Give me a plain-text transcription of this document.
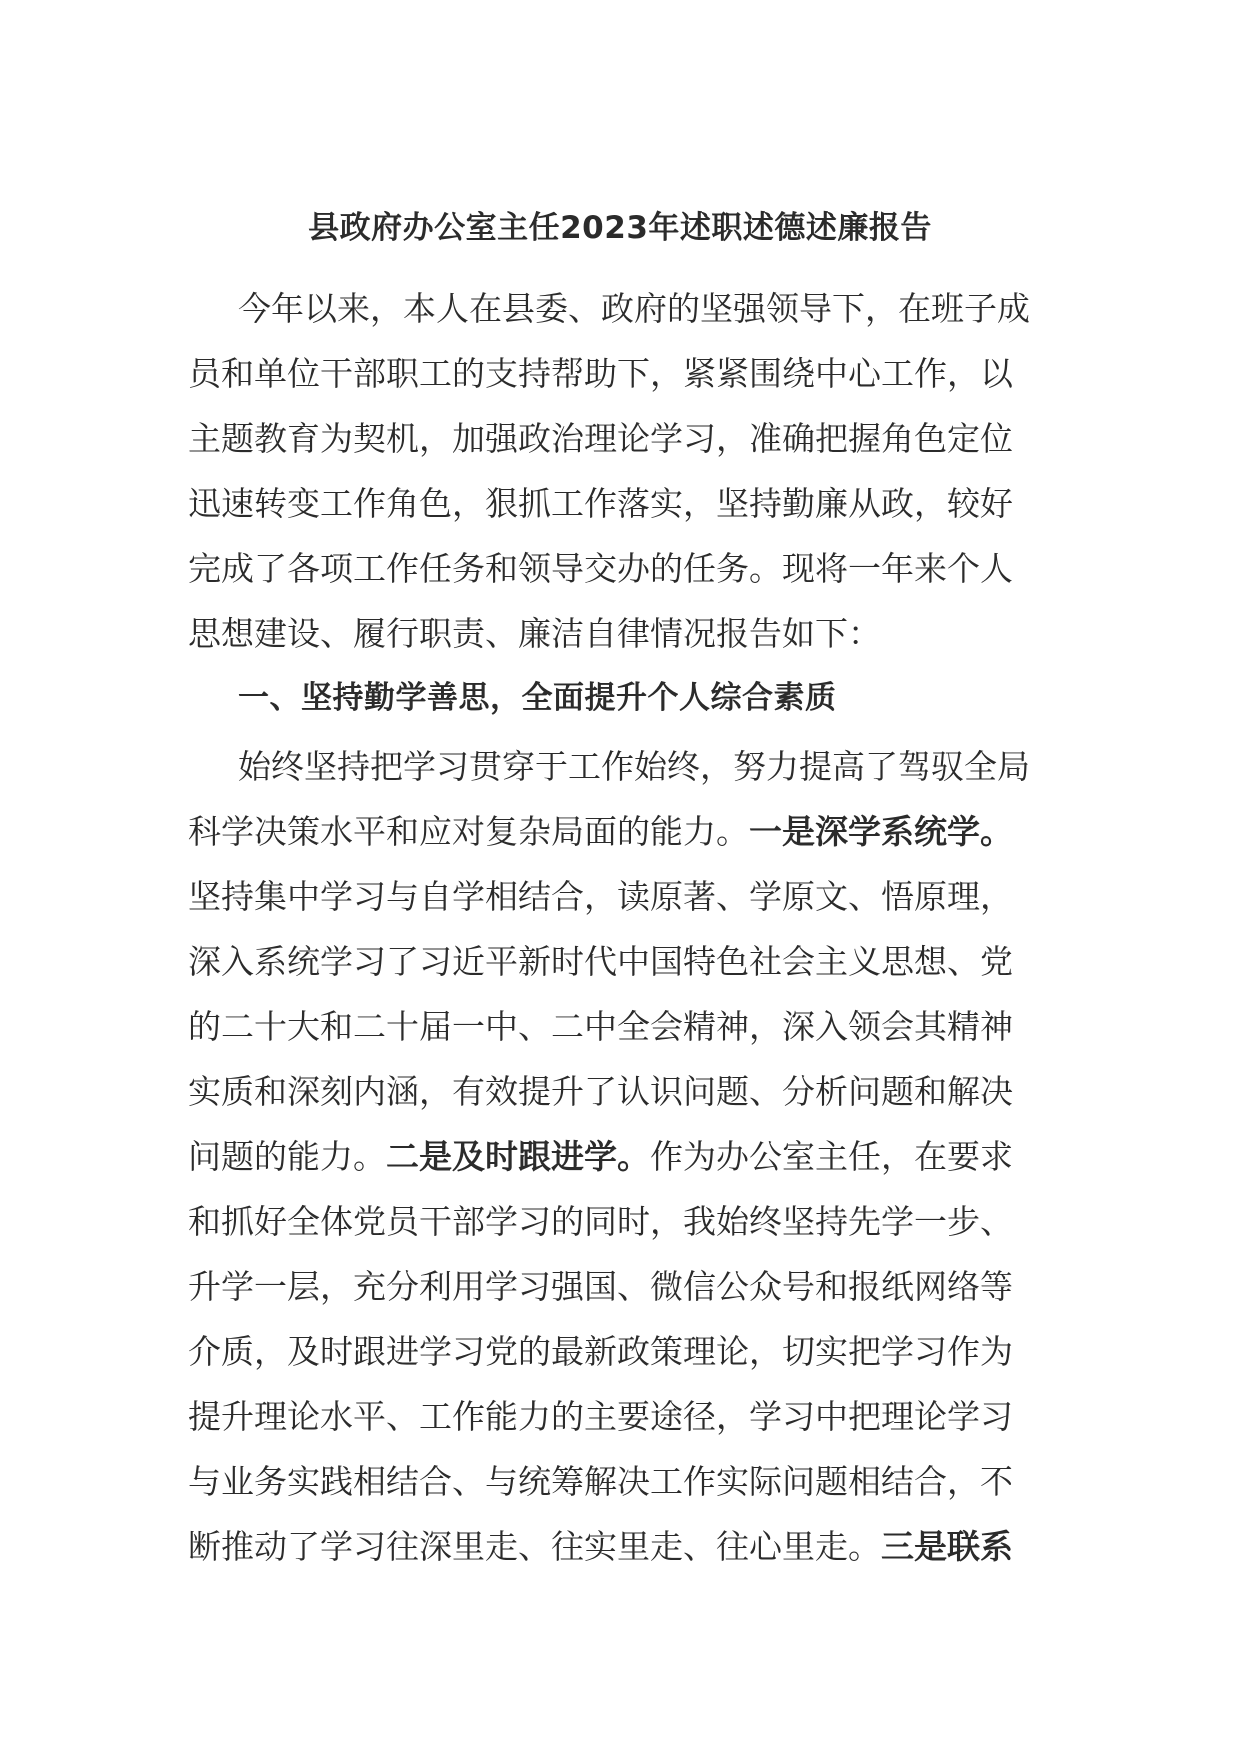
县政府办公室主任2023年述职述德述廉报告
今年以来，本人在县委、政府的坚强领导下，在班子成
员和单位干部职工的支持帮助下，紧紧围绕中心工作，以
主题教育为契机，加强政治理论学习，准确把握角色定位
迅速转变工作角色，狠抓工作落实，坚持勤廉从政，较好
完成了各项工作任务和领导交办的任务。现将一年来个人
思想建设、履行职责、廉洁自律情况报告如下：
一、坚持勤学善思，全面提升个人综合素质
始终坚持把学习贯穿于工作始终，努力提高了驾驭全局
科学决策水平和应对复杂局面的能力。一是深学系统学。
坚持集中学习与自学相结合，读原著、学原文、悟原理，
深入系统学习了习近平新时代中国特色社会主义思想、党
的二十大和二十届一中、二中全会精神，深入领会其精神
实质和深刻内涵，有效提升了认识问题、分析问题和解决
问题的能力。二是及时跟进学。作为办公室主任，在要求
和抓好全体党员干部学习的同时，我始终坚持先学一步、
升学一层，充分利用学习强国、微信公众号和报纸网络等
介质，及时跟进学习党的最新政策理论，切实把学习作为
提升理论水平、工作能力的主要途径，学习中把理论学习
与业务实践相结合、与统筹解决工作实际问题相结合，不
断推动了学习往深里走、往实里走、往心里走。三是联系
